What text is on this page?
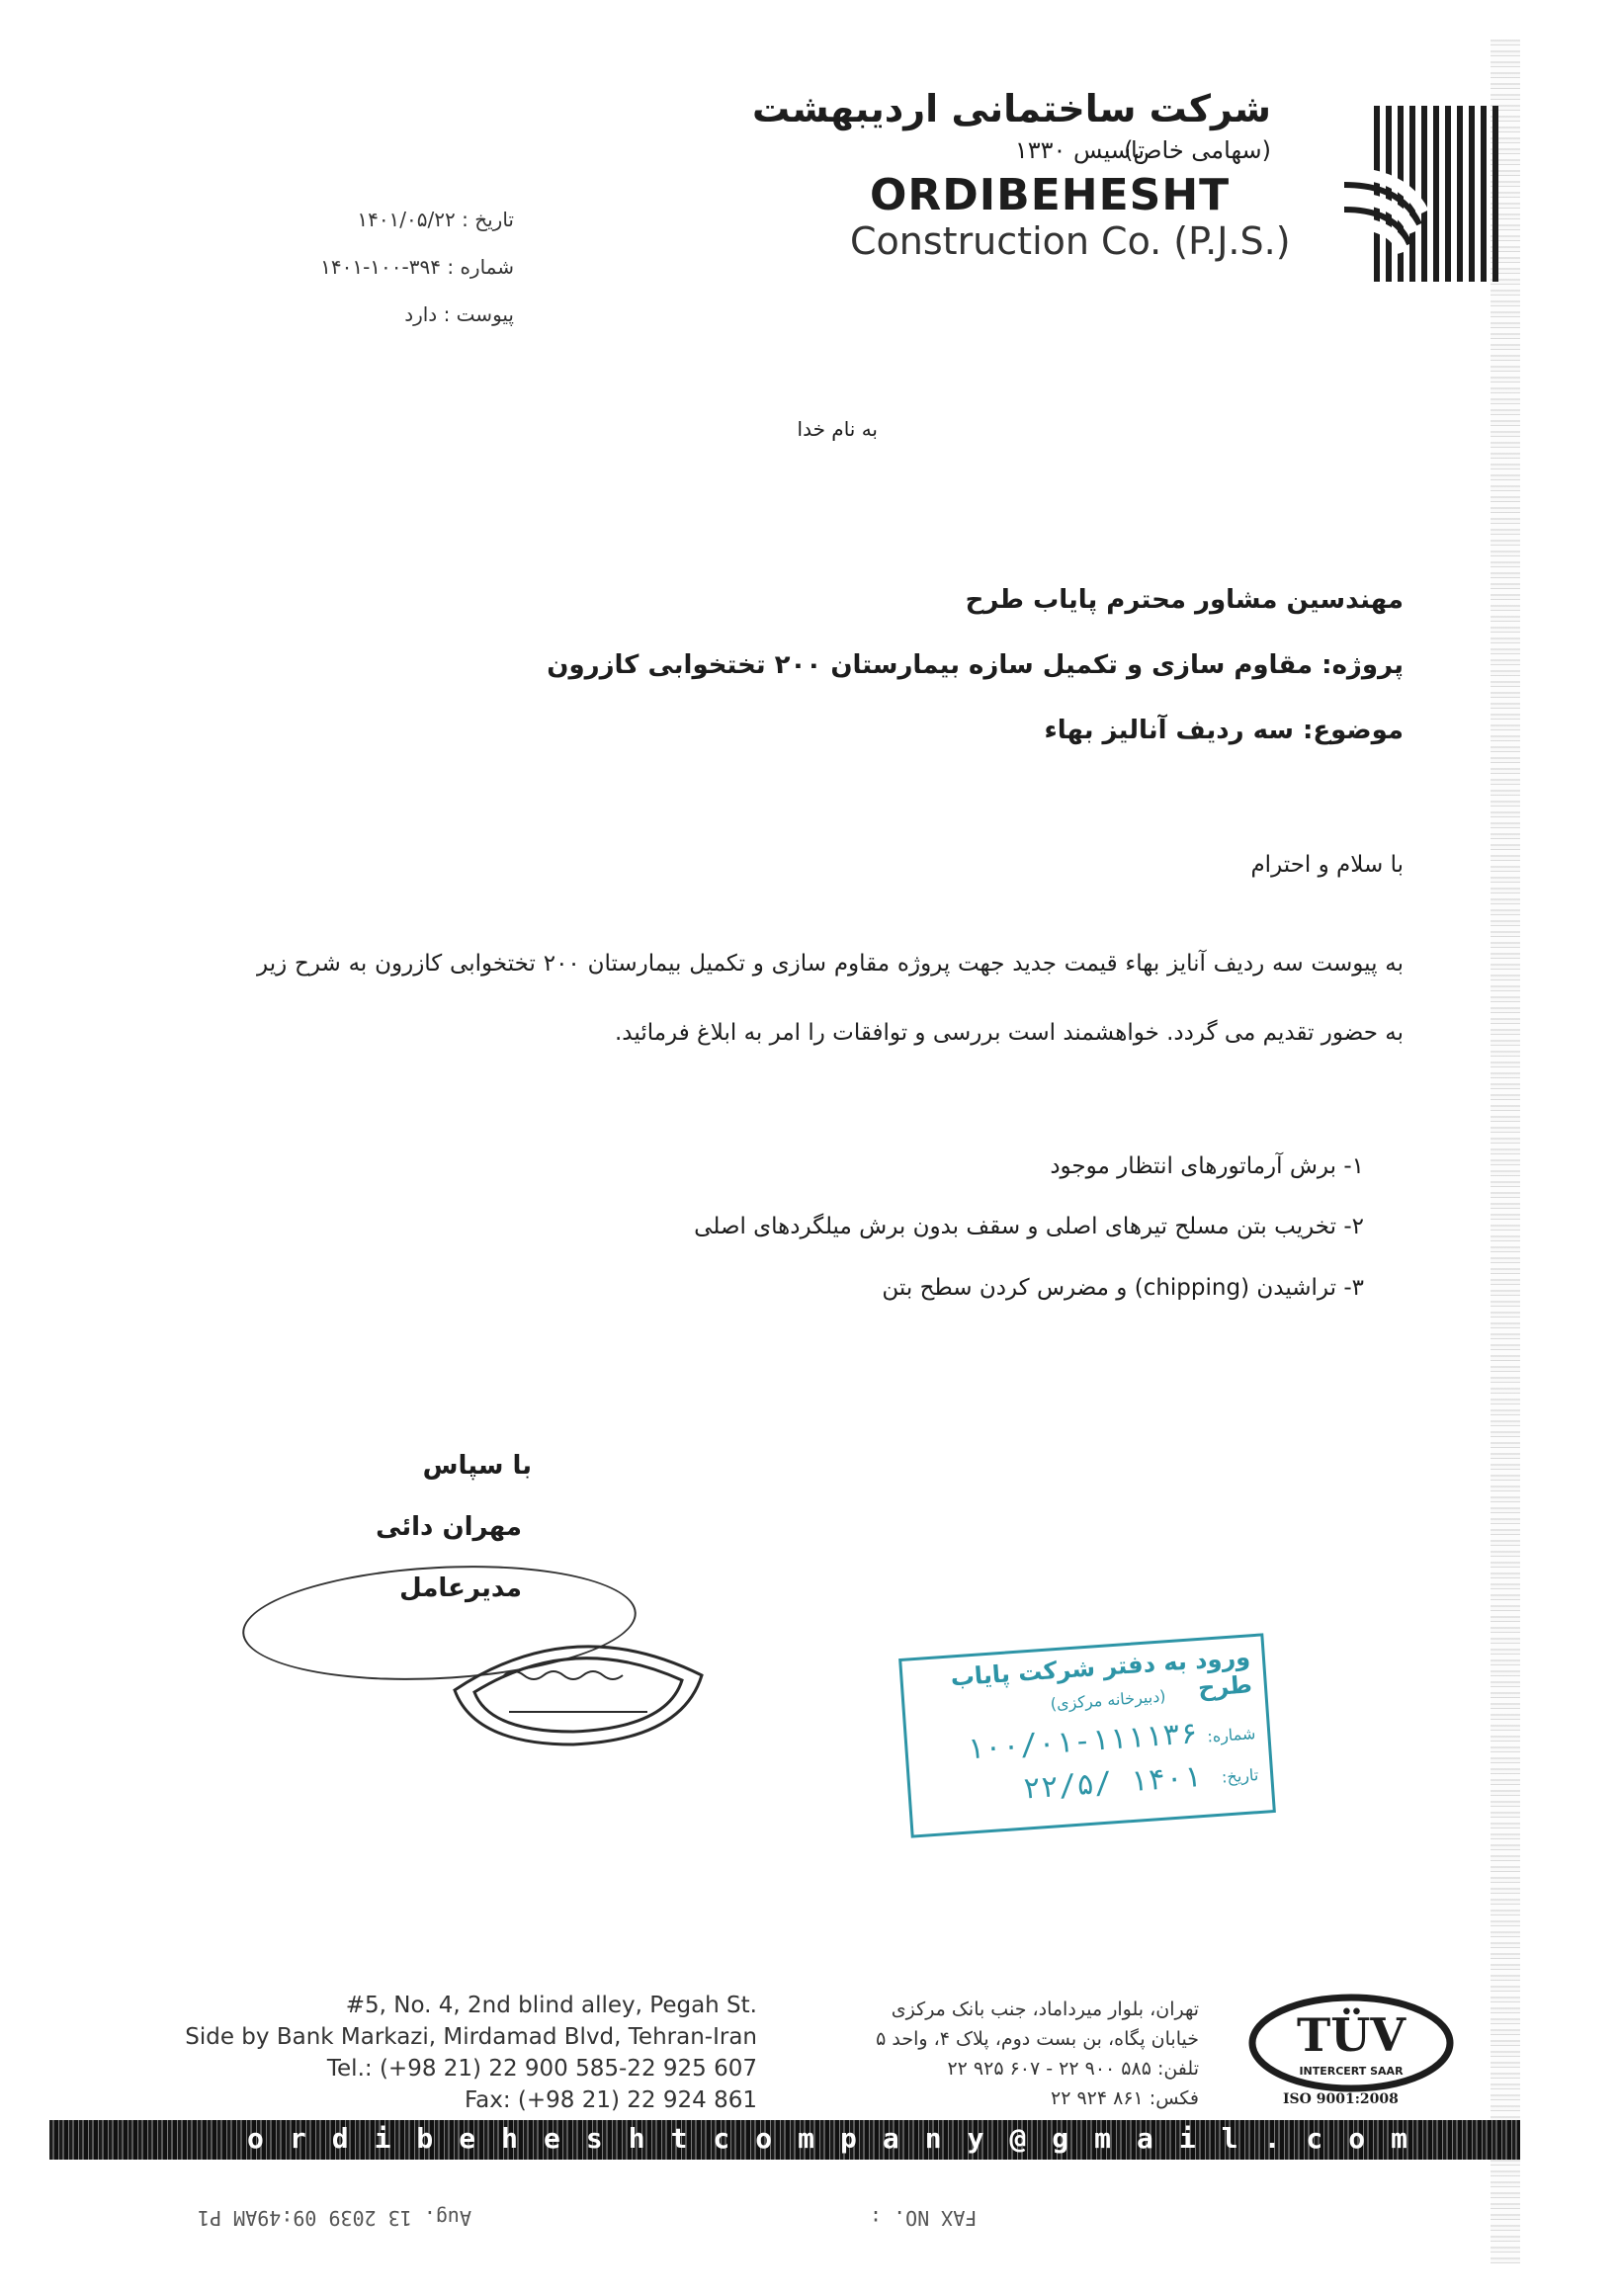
شرکت ساختمانی اردیبهشت
(سهامی خاص)
تاسیس ۱۳۳۰
ORDIBEHESHT
Construction Co. (P.J.S.)
تاریخ : ۱۴۰۱/۰۵/۲۲
شماره : ۳۹۴-۱۰۰-۱۴۰۱
پیوست : دارد
به نام خدا
مهندسین مشاور محترم پایاب طرح
پروژه: مقاوم سازی و تکمیل سازه بیمارستان ۲۰۰ تختخوابی کازرون
موضوع: سه ردیف آنالیز بهاء
با سلام و احترام
به پیوست سه ردیف آنایز بهاء قیمت جدید جهت پروژه مقاوم سازی و تکمیل بیمارستان ۲۰۰ تختخوابی کازرون به شرح زیر به حضور تقدیم می گردد. خواهشمند است بررسی و توافقات را امر به ابلاغ فرمائید.
۱- برش آرماتورهای انتظار موجود
۲- تخریب بتن مسلح تیرهای اصلی و سقف بدون برش میلگردهای اصلی
۳- تراشیدن (chipping) و مضرس کردن سطح بتن
با سپاس
مهران دائی
مدیرعامل
ورود به دفتر شرکت پایاب طرح
(دبیرخانه مرکزی)
شماره:
۱۰۰/۰۱-۱۱۱۱۳۶
تاریخ:
۲۲/۵/ ۱۴۰۱
#5, No. 4, 2nd blind alley, Pegah St.
Side by Bank Markazi, Mirdamad Blvd, Tehran-Iran
Tel.: (+98 21) 22 900 585-22 925 607
Fax: (+98 21) 22 924 861
تهران، بلوار میرداماد، جنب بانک مرکزی
خیابان پگاه، بن بست دوم، پلاک ۴، واحد ۵
تلفن: ۵۸۵ ۹۰۰ ۲۲ - ۶۰۷ ۹۲۵ ۲۲
فکس: ۸۶۱ ۹۲۴ ۲۲
TÜV
INTERCERT SAAR
ISO 9001:2008
ordibeheshtcompany@gmail.com
Aug. 13 2039 09:49AM P1	FAX NO. :
